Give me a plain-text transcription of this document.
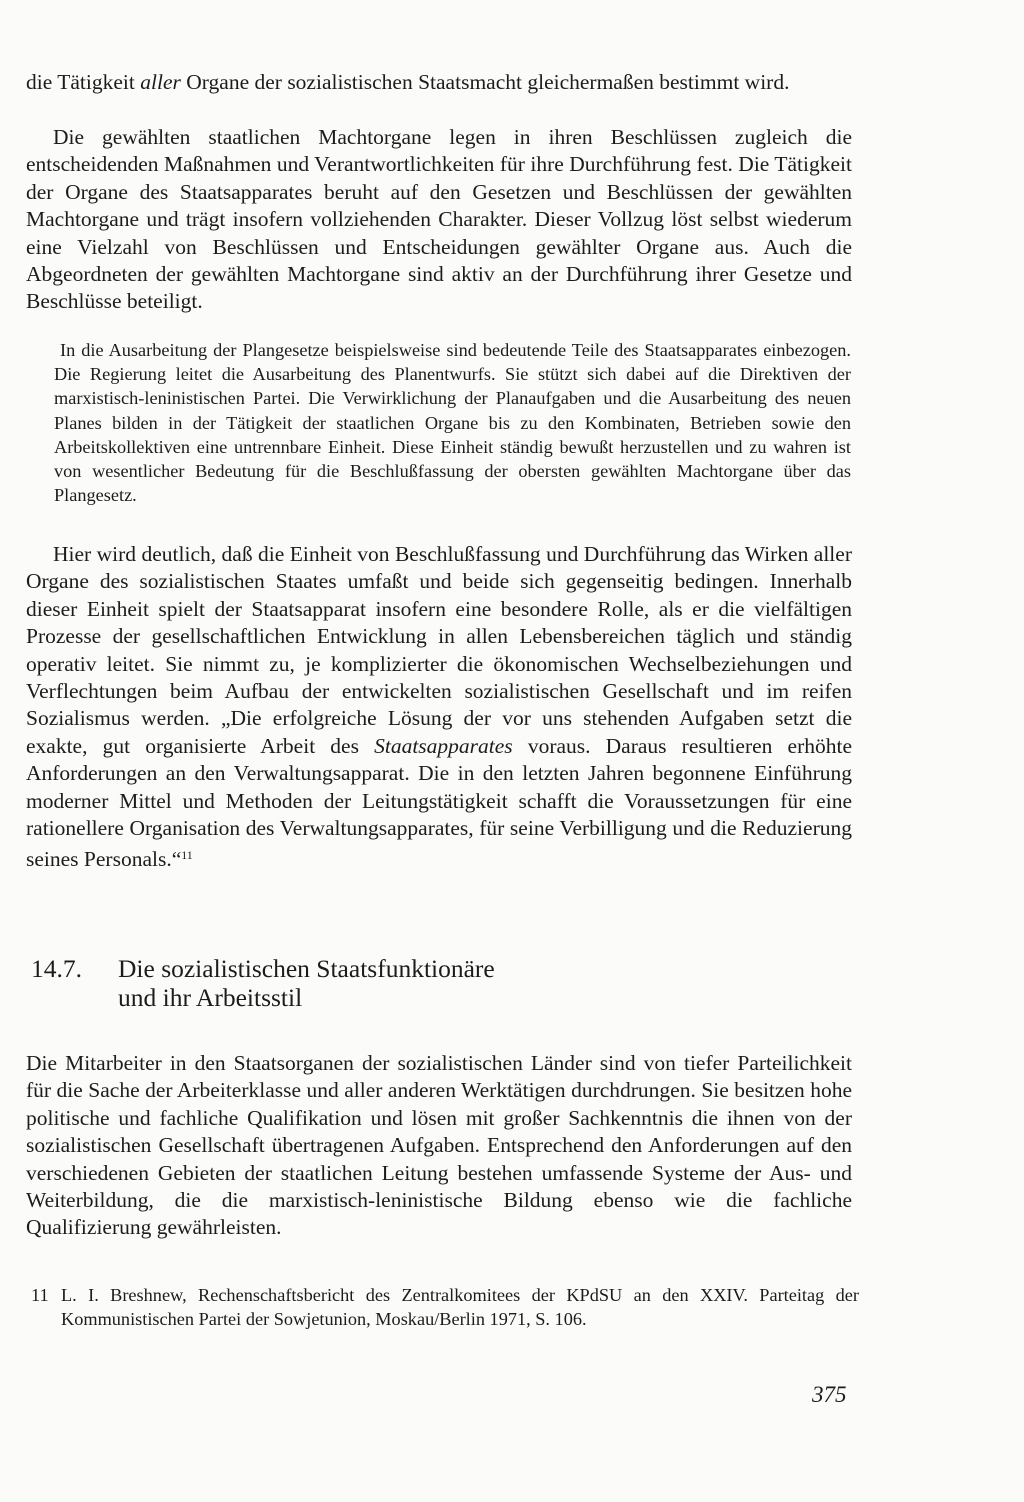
die Tätigkeit aller Organe der sozialistischen Staatsmacht gleichermaßen bestimmt wird.

Die gewählten staatlichen Machtorgane legen in ihren Beschlüssen zugleich die entscheidenden Maßnahmen und Verantwortlichkeiten für ihre Durchführung fest. Die Tätigkeit der Organe des Staatsapparates beruht auf den Gesetzen und Beschlüssen der gewählten Machtorgane und trägt insofern vollziehenden Charakter. Dieser Vollzug löst selbst wiederum eine Vielzahl von Beschlüssen und Entscheidungen gewählter Organe aus. Auch die Abgeordneten der gewählten Machtorgane sind aktiv an der Durchführung ihrer Gesetze und Beschlüsse beteiligt.

In die Ausarbeitung der Plangesetze beispielsweise sind bedeutende Teile des Staatsapparates einbezogen. Die Regierung leitet die Ausarbeitung des Planentwurfs. Sie stützt sich dabei auf die Direktiven der marxistisch-leninistischen Partei. Die Verwirklichung der Planaufgaben und die Ausarbeitung des neuen Planes bilden in der Tätigkeit der staatlichen Organe bis zu den Kombinaten, Betrieben sowie den Arbeitskollektiven eine untrennbare Einheit. Diese Einheit ständig bewußt herzustellen und zu wahren ist von wesentlicher Bedeutung für die Beschlußfassung der obersten gewählten Machtorgane über das Plangesetz.

Hier wird deutlich, daß die Einheit von Beschlußfassung und Durchführung das Wirken aller Organe des sozialistischen Staates umfaßt und beide sich gegenseitig bedingen. Innerhalb dieser Einheit spielt der Staatsapparat insofern eine besondere Rolle, als er die vielfältigen Prozesse der gesellschaftlichen Entwicklung in allen Lebensbereichen täglich und ständig operativ leitet. Sie nimmt zu, je komplizierter die ökonomischen Wechselbeziehungen und Verflechtungen beim Aufbau der entwickelten sozialistischen Gesellschaft und im reifen Sozialismus werden. „Die erfolgreiche Lösung der vor uns stehenden Aufgaben setzt die exakte, gut organisierte Arbeit des Staatsapparates voraus. Daraus resultieren erhöhte Anforderungen an den Verwaltungsapparat. Die in den letzten Jahren begonnene Einführung moderner Mittel und Methoden der Leitungstätigkeit schafft die Voraussetzungen für eine rationellere Organisation des Verwaltungsapparates, für seine Verbilligung und die Reduzierung seines Personals.“$^{11}$

14.7.	Die sozialistischen Staatsfunktionäre
und ihr Arbeitsstil

Die Mitarbeiter in den Staatsorganen der sozialistischen Länder sind von tiefer Parteilichkeit für die Sache der Arbeiterklasse und aller anderen Werktätigen durchdrungen. Sie besitzen hohe politische und fachliche Qualifikation und lösen mit großer Sachkenntnis die ihnen von der sozialistischen Gesellschaft übertragenen Aufgaben. Entsprechend den Anforderungen auf den verschiedenen Gebieten der staatlichen Leitung bestehen umfassende Systeme der Aus- und Weiterbildung, die die marxistisch-leninistische Bildung ebenso wie die fachliche Qualifizierung gewährleisten.

11 L. I. Breshnew, Rechenschaftsbericht des Zentralkomitees der KPdSU an den XXIV. Parteitag der Kommunistischen Partei der Sowjetunion, Moskau/Berlin 1971, S. 106.
375
